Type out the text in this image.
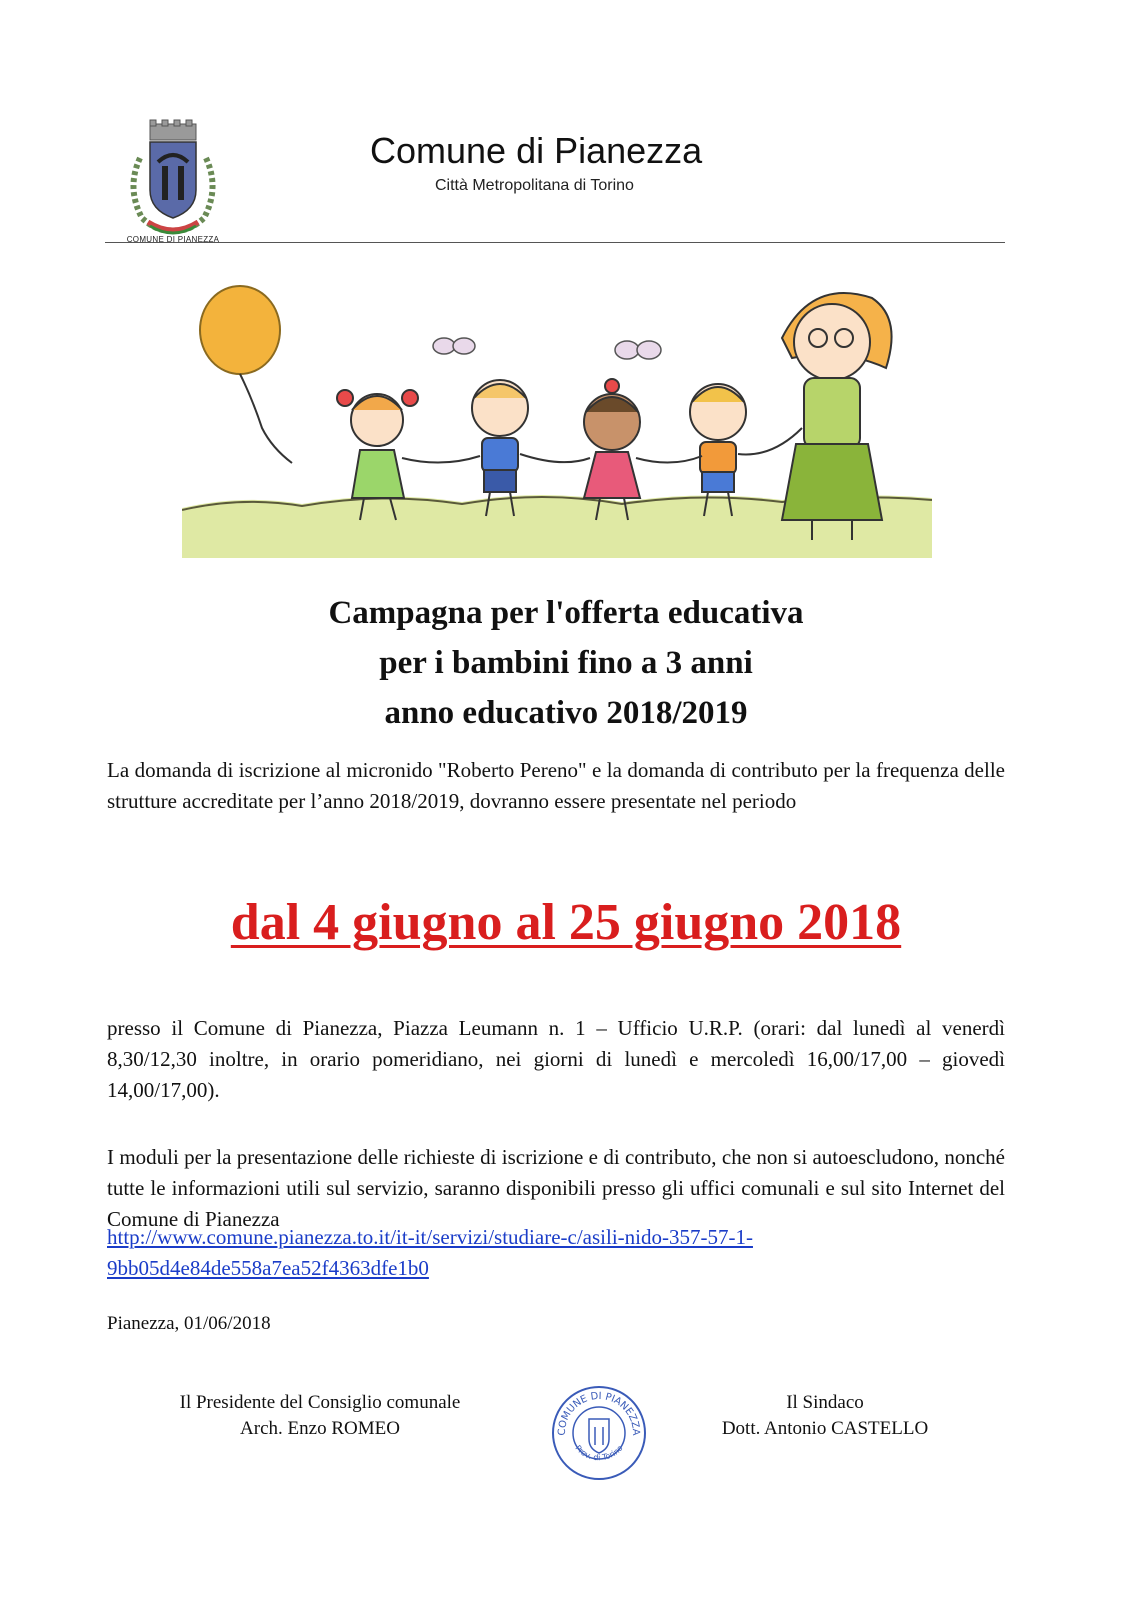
COMUNE DI PIANEZZA
Comune di Pianezza
Città Metropolitana di Torino
Campagna per l'offerta educativa
per i bambini fino a 3 anni
anno educativo 2018/2019
La domanda di iscrizione al micronido "Roberto Pereno" e la domanda di contributo per la frequenza delle strutture accreditate per l’anno 2018/2019, dovranno essere presentate nel periodo
dal 4 giugno al 25 giugno 2018
presso il Comune di Pianezza, Piazza Leumann n. 1 – Ufficio U.R.P. (orari: dal lunedì al venerdì 8,30/12,30 inoltre, in orario pomeridiano, nei giorni di lunedì e mercoledì 16,00/17,00 – giovedì 14,00/17,00).
I moduli per la presentazione delle richieste di iscrizione e di contributo, che non si autoescludono, nonché tutte le informazioni utili sul servizio, saranno disponibili presso gli uffici comunali e sul sito Internet del Comune di Pianezza
http://www.comune.pianezza.to.it/it-it/servizi/studiare-c/asili-nido-357-57-1-
9bb05d4e84de558a7ea52f4363dfe1b0
Pianezza, 01/06/2018
Il Presidente del Consiglio comunale
Arch. Enzo ROMEO	COMUNE DI PIANEZZA
Prov. di Torino
Il Sindaco
Dott. Antonio CASTELLO
